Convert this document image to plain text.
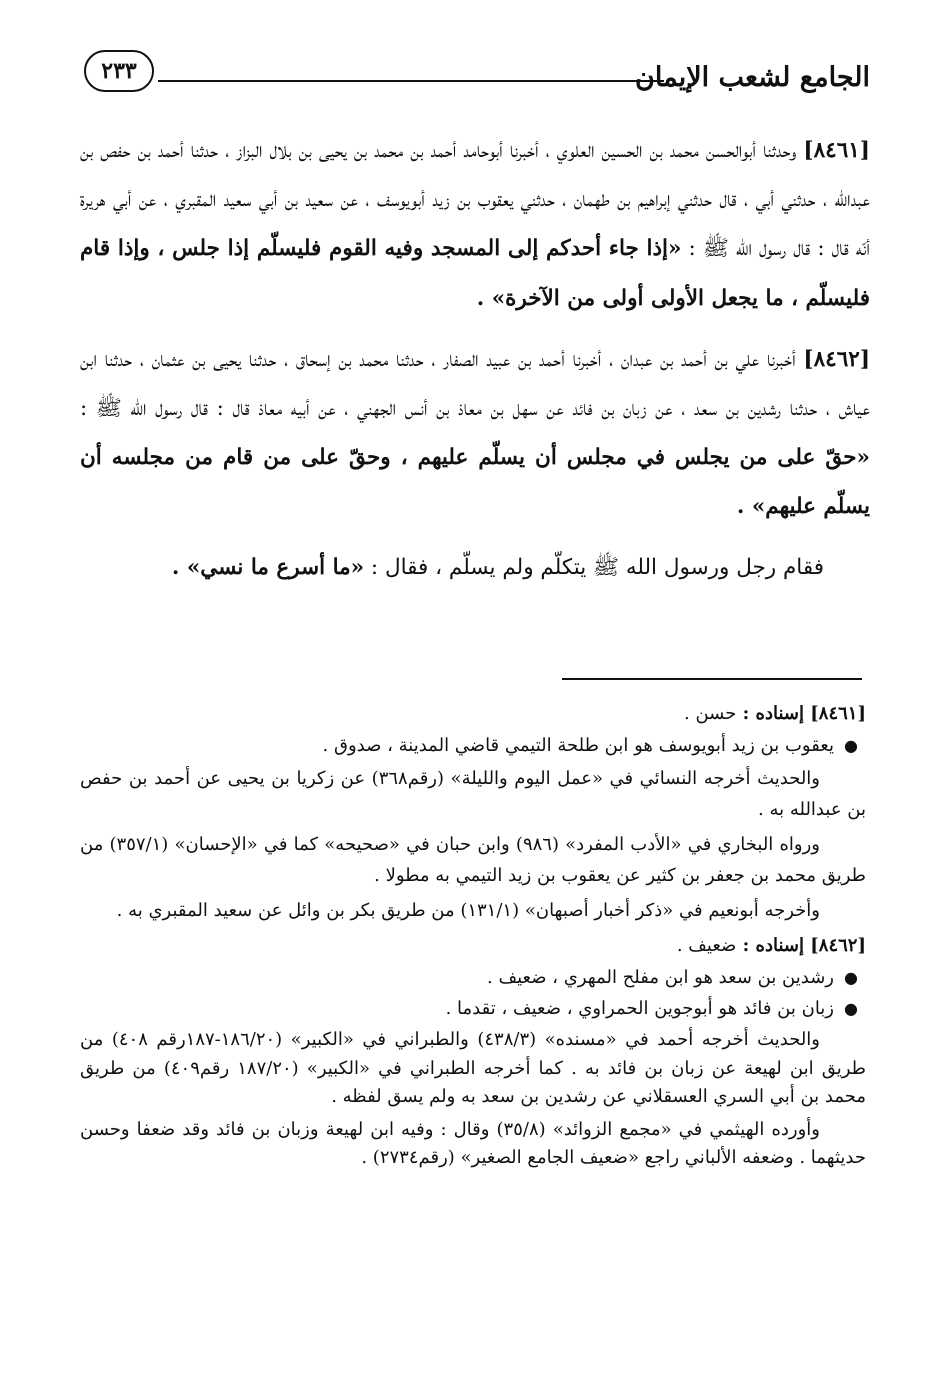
الجامع لشعب الإيمان
٢٣٣

[٨٤٦١] وحدثنا أبوالحسن محمد بن الحسين العلوي ، أخبرنا أبوحامد أحمد بن محمد بن يحيى بن بلال البزاز ، حدثنا أحمد بن حفص بن عبدالله ، حدثني أبي ، قال حدثني إبراهيم بن طهمان ، حدثني يعقوب بن زيد أبويوسف ، عن سعيد بن أبي سعيد المقبري ، عن أبي هريرة أنّه قال : قال رسول الله ﷺ : «إذا جاء أحدكم إلى المسجد وفيه القوم فليسلّم إذا جلس ، وإذا قام فليسلّم ، ما يجعل الأولى أولى من الآخرة» .

[٨٤٦٢] أخبرنا علي بن أحمد بن عبدان ، أخبرنا أحمد بن عبيد الصفار ، حدثنا محمد بن إسحاق ، حدثنا يحيى بن عثمان ، حدثنا ابن عياش ، حدثنا رشدين بن سعد ، عن زبان بن فائد عن سهل بن معاذ بن أنس الجهني ، عن أبيه معاذ قال : قال رسول الله ﷺ : «حقّ على من يجلس في مجلس أن يسلّم عليهم ، وحقّ على من قام من مجلسه أن يسلّم عليهم» .

فقام رجل ورسول الله ﷺ يتكلّم ولم يسلّم ، فقال : «ما أسرع ما نسي» .

[٨٤٦١] إسناده : حسن .

●
يعقوب بن زيد أبويوسف هو ابن طلحة التيمي قاضي المدينة ، صدوق .

والحديث أخرجه النسائي في «عمل اليوم والليلة» (رقم٣٦٨) عن زكريا بن يحيى عن أحمد بن حفص بن عبدالله به .

ورواه البخاري في «الأدب المفرد» (٩٨٦) وابن حبان في «صحيحه» كما في «الإحسان» (٣٥٧/١) من طريق محمد بن جعفر بن كثير عن يعقوب بن زيد التيمي به مطولا .

وأخرجه أبونعيم في «ذكر أخبار أصبهان» (١٣١/١) من طريق بكر بن وائل عن سعيد المقبري به .

[٨٤٦٢] إسناده : ضعيف .

●
رشدين بن سعد هو ابن مفلح المهري ، ضعيف .

●
زبان بن فائد هو أبوجوين الحمراوي ، ضعيف ، تقدما .

والحديث أخرجه أحمد في «مسنده» (٤٣٨/٣) والطبراني في «الكبير» (١٨٦/٢٠-١٨٧رقم ٤٠٨) من طريق ابن لهيعة عن زبان بن فائد به . كما أخرجه الطبراني في «الكبير» (١٨٧/٢٠ رقم٤٠٩) من طريق محمد بن أبي السري العسقلاني عن رشدين بن سعد به ولم يسق لفظه .

وأورده الهيثمي في «مجمع الزوائد» (٣٥/٨) وقال : وفيه ابن لهيعة وزبان بن فائد وقد ضعفا وحسن حديثهما . وضعفه الألباني راجع «ضعيف الجامع الصغير» (رقم٢٧٣٤) .
